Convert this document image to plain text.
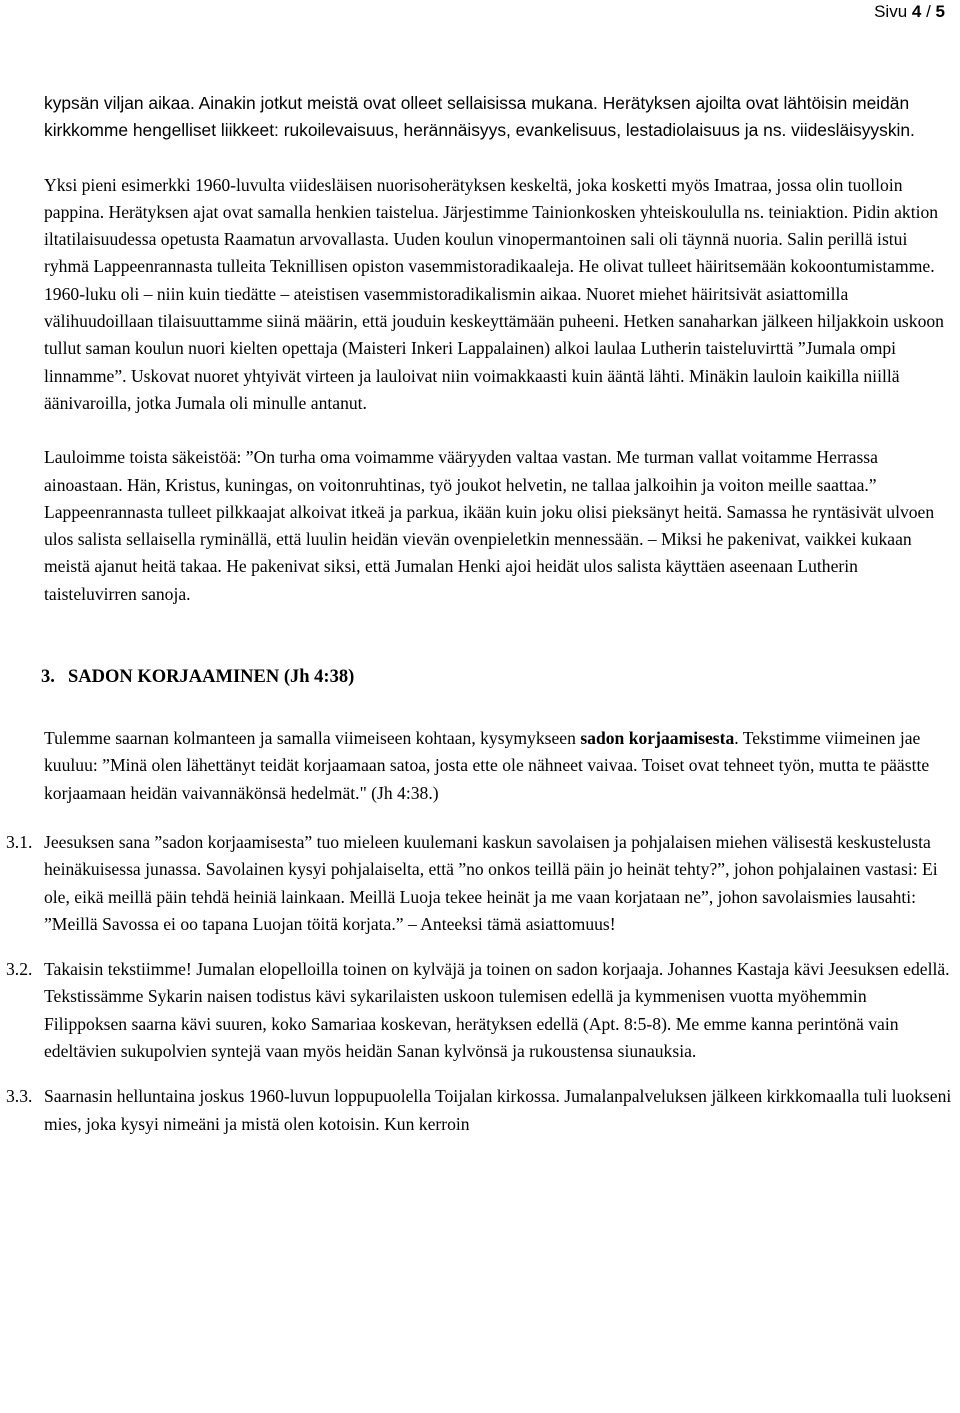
Sivu 4 / 5

kypsän viljan aikaa. Ainakin jotkut meistä ovat olleet sellaisissa mukana. Herätyksen ajoilta ovat lähtöisin meidän kirkkomme hengelliset liikkeet: rukoilevaisuus, herännäisyys, evankelisuus, lestadiolaisuus ja ns. viidesläisyyskin.

Yksi pieni esimerkki 1960-luvulta viidesläisen nuorisoherätyksen keskeltä, joka kosketti myös Imatraa, jossa olin tuolloin pappina. Herätyksen ajat ovat samalla henkien taistelua. Järjestimme Tainionkosken yhteiskoululla ns. teiniaktion. Pidin aktion iltatilaisuudessa opetusta Raamatun arvovallasta. Uuden koulun vinopermantoinen sali oli täynnä nuoria. Salin perillä istui ryhmä Lappeenrannasta tulleita Teknillisen opiston vasemmistoradikaaleja. He olivat tulleet häiritsemään kokoontumistamme. 1960-luku oli – niin kuin tiedätte – ateistisen vasemmistoradikalismin aikaa. Nuoret miehet häiritsivät asiattomilla välihuudoillaan tilaisuuttamme siinä määrin, että jouduin keskeyttämään puheeni. Hetken sanaharkan jälkeen hiljakkoin uskoon tullut saman koulun nuori kielten opettaja (Maisteri Inkeri Lappalainen) alkoi laulaa Lutherin taisteluvirttä ”Jumala ompi linnamme”. Uskovat nuoret yhtyivät virteen ja lauloivat niin voimakkaasti kuin ääntä lähti. Minäkin lauloin kaikilla niillä äänivaroilla, jotka Jumala oli minulle antanut.

Lauloimme toista säkeistöä: ”On turha oma voimamme vääryyden valtaa vastan. Me turman vallat voitamme Herrassa ainoastaan. Hän, Kristus, kuningas, on voitonruhtinas, työ joukot helvetin, ne tallaa jalkoihin ja voiton meille saattaa.” Lappeenrannasta tulleet pilkkaajat alkoivat itkeä ja parkua, ikään kuin joku olisi pieksänyt heitä. Samassa he ryntäsivät ulvoen ulos salista sellaisella ryminällä, että luulin heidän vievän ovenpieletkin mennessään. – Miksi he pakenivat, vaikkei kukaan meistä ajanut heitä takaa. He pakenivat siksi, että Jumalan Henki ajoi heidät ulos salista käyttäen aseenaan Lutherin taisteluvirren sanoja.

3. SADON KORJAAMINEN (Jh 4:38)

Tulemme saarnan kolmanteen ja samalla viimeiseen kohtaan, kysymykseen sadon korjaamisesta. Tekstimme viimeinen jae kuuluu: ”Minä olen lähettänyt teidät korjaamaan satoa, josta ette ole nähneet vaivaa. Toiset ovat tehneet työn, mutta te päästte korjaamaan heidän vaivannäkönsä hedelmät." (Jh 4:38.)

3.1. Jeesuksen sana ”sadon korjaamisesta” tuo mieleen kuulemani kaskun savolaisen ja pohjalaisen miehen välisestä keskustelusta heinäkuisessa junassa. Savolainen kysyi pohjalaiselta, että ”no onkos teillä päin jo heinät tehty?”, johon pohjalainen vastasi: Ei ole, eikä meillä päin tehdä heiniä lainkaan. Meillä Luoja tekee heinät ja me vaan korjataan ne”, johon savolaismies lausahti: ”Meillä Savossa ei oo tapana Luojan töitä korjata.” – Anteeksi tämä asiattomuus!

3.2. Takaisin tekstiimme! Jumalan elopelloilla toinen on kylväjä ja toinen on sadon korjaaja. Johannes Kastaja kävi Jeesuksen edellä. Tekstissämme Sykarin naisen todistus kävi sykarilaisten uskoon tulemisen edellä ja kymmenisen vuotta myöhemmin Filippoksen saarna kävi suuren, koko Samariaa koskevan, herätyksen edellä (Apt. 8:5-8). Me emme kanna perintönä vain edeltävien sukupolvien syntejä vaan myös heidän Sanan kylvönsä ja rukoustensa siunauksia.

3.3. Saarnasin helluntaina joskus 1960-luvun loppupuolella Toijalan kirkossa. Jumalanpalveluksen jälkeen kirkkomaalla tuli luokseni mies, joka kysyi nimeäni ja mistä olen kotoisin. Kun kerroin
